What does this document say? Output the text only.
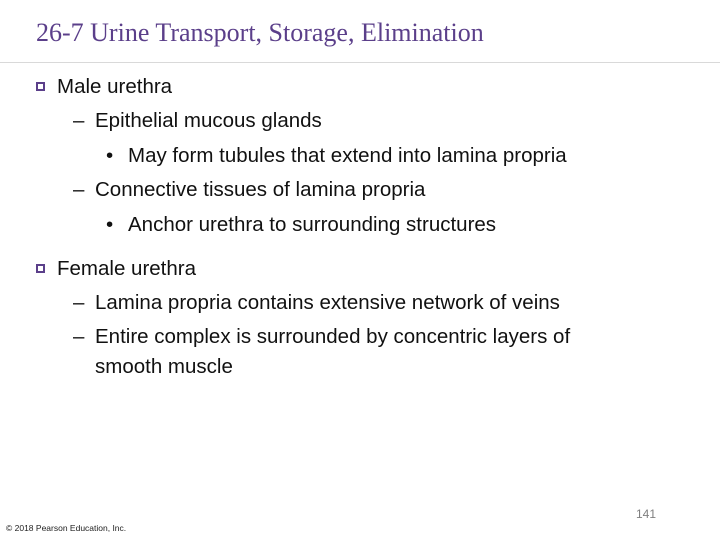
26-7 Urine Transport, Storage, Elimination
Male urethra
– Epithelial mucous glands
• May form tubules that extend into lamina propria
– Connective tissues of lamina propria
• Anchor urethra to surrounding structures
Female urethra
– Lamina propria contains extensive network of veins
– Entire complex is surrounded by concentric layers of
smooth muscle
141
© 2018 Pearson Education, Inc.
